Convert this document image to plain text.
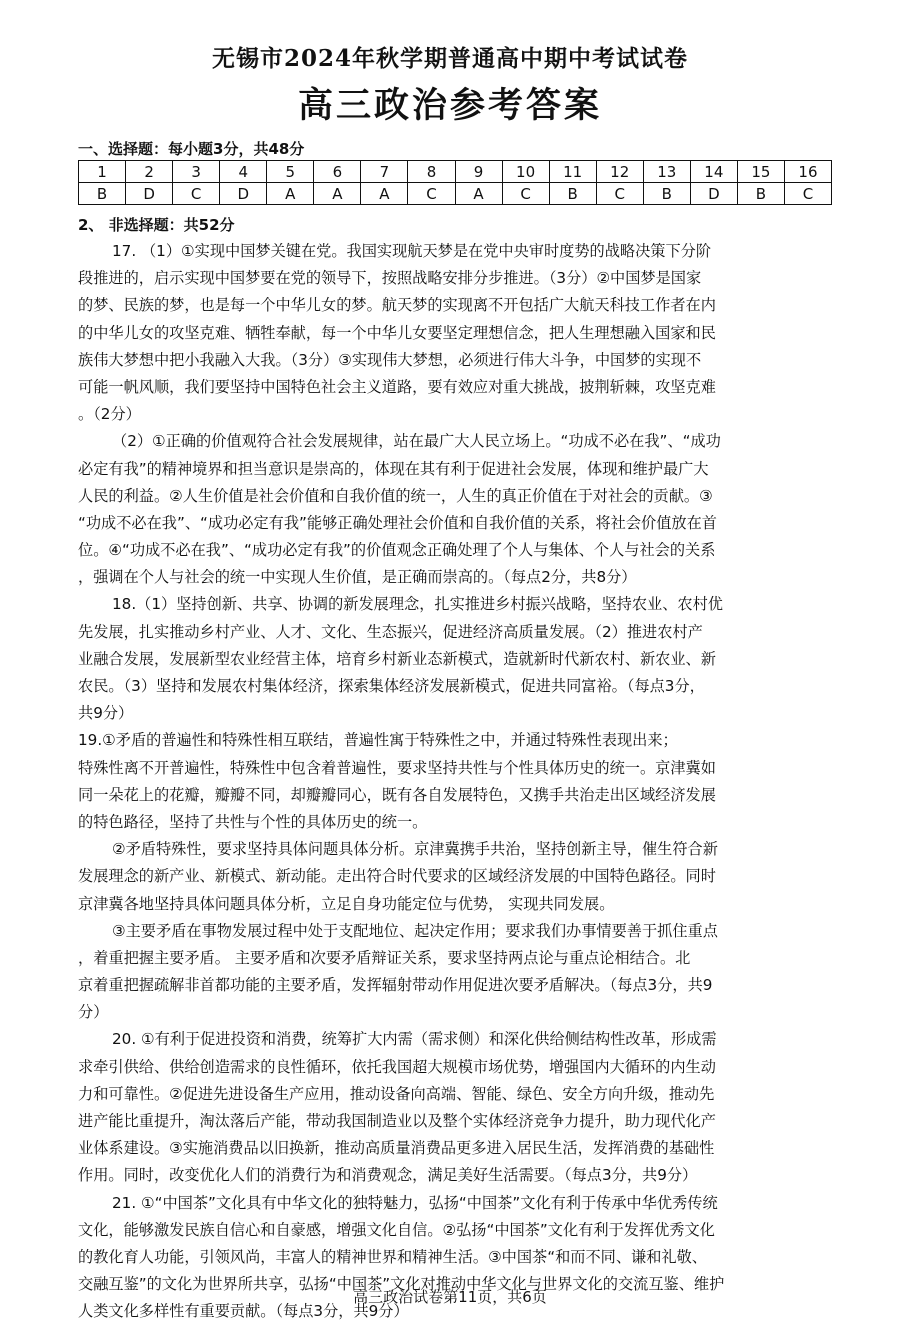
无锡市2024年秋学期普通高中期中考试试卷
高三政治参考答案
一、选择题：每小题3分，共48分
1	2	3	4	5	6	7	8	9	10	11	12	13	14	15	16
B	D	C	D	A	A	A	C	A	C	B	C	B	D	B	C
2、 非选择题：共52分
17. （1）①实现中国梦关键在党。我国实现航天梦是在党中央审时度势的战略决策下分阶
段推进的，启示实现中国梦要在党的领导下，按照战略安排分步推进。（3分）②中国梦是国家
的梦、民族的梦，也是每一个中华儿女的梦。航天梦的实现离不开包括广大航天科技工作者在内
的中华儿女的攻坚克难、牺牲奉献，每一个中华儿女要坚定理想信念，把人生理想融入国家和民
族伟大梦想中把小我融入大我。（3分）③实现伟大梦想，必须进行伟大斗争，中国梦的实现不
可能一帆风顺，我们要坚持中国特色社会主义道路，要有效应对重大挑战，披荆斩棘，攻坚克难
。（2分）
（2）①正确的价值观符合社会发展规律，站在最广大人民立场上。“功成不必在我”、“成功
必定有我”的精神境界和担当意识是崇高的，体现在其有利于促进社会发展，体现和维护最广大
人民的利益。②人生价值是社会价值和自我价值的统一，人生的真正价值在于对社会的贡献。③
“功成不必在我”、“成功必定有我”能够正确处理社会价值和自我价值的关系，将社会价值放在首
位。④“功成不必在我”、“成功必定有我”的价值观念正确处理了个人与集体、个人与社会的关系
，强调在个人与社会的统一中实现人生价值，是正确而崇高的。（每点2分，共8分）
18.（1）坚持创新、共享、协调的新发展理念，扎实推进乡村振兴战略，坚持农业、农村优
先发展，扎实推动乡村产业、人才、文化、生态振兴，促进经济高质量发展。（2）推进农村产
业融合发展，发展新型农业经营主体，培育乡村新业态新模式，造就新时代新农村、新农业、新
农民。（3）坚持和发展农村集体经济，探索集体经济发展新模式，促进共同富裕。（每点3分，
共9分）
19.①矛盾的普遍性和特殊性相互联结，普遍性寓于特殊性之中，并通过特殊性表现出来；
特殊性离不开普遍性，特殊性中包含着普遍性，要求坚持共性与个性具体历史的统一。京津冀如
同一朵花上的花瓣，瓣瓣不同，却瓣瓣同心，既有各自发展特色，又携手共治走出区域经济发展
的特色路径，坚持了共性与个性的具体历史的统一。
②矛盾特殊性，要求坚持具体问题具体分析。京津冀携手共治，坚持创新主导，催生符合新
发展理念的新产业、新模式、新动能。走出符合时代要求的区域经济发展的中国特色路径。同时
京津冀各地坚持具体问题具体分析，立足自身功能定位与优势， 实现共同发展。
③主要矛盾在事物发展过程中处于支配地位、起决定作用；要求我们办事情要善于抓住重点
，着重把握主要矛盾。 主要矛盾和次要矛盾辩证关系，要求坚持两点论与重点论相结合。北
京着重把握疏解非首都功能的主要矛盾，发挥辐射带动作用促进次要矛盾解决。（每点3分，共9
分）
20. ①有利于促进投资和消费，统筹扩大内需（需求侧）和深化供给侧结构性改革，形成需
求牵引供给、供给创造需求的良性循环，依托我国超大规模市场优势，增强国内大循环的内生动
力和可靠性。②促进先进设备生产应用，推动设备向高端、智能、绿色、安全方向升级，推动先
进产能比重提升，淘汰落后产能，带动我国制造业以及整个实体经济竞争力提升，助力现代化产
业体系建设。③实施消费品以旧换新，推动高质量消费品更多进入居民生活，发挥消费的基础性
作用。同时，改变优化人们的消费行为和消费观念，满足美好生活需要。（每点3分，共9分）
21. ①“中国茶”文化具有中华文化的独特魅力，弘扬“中国茶”文化有利于传承中华优秀传统
文化，能够激发民族自信心和自豪感，增强文化自信。②弘扬“中国茶”文化有利于发挥优秀文化
的教化育人功能，引领风尚，丰富人的精神世界和精神生活。③中国茶“和而不同、谦和礼敬、
交融互鉴”的文化为世界所共享，弘扬“中国茶”文化对推动中华文化与世界文化的交流互鉴、维护
人类文化多样性有重要贡献。（每点3分，共9分）
高三政治试卷第11页，共6页
